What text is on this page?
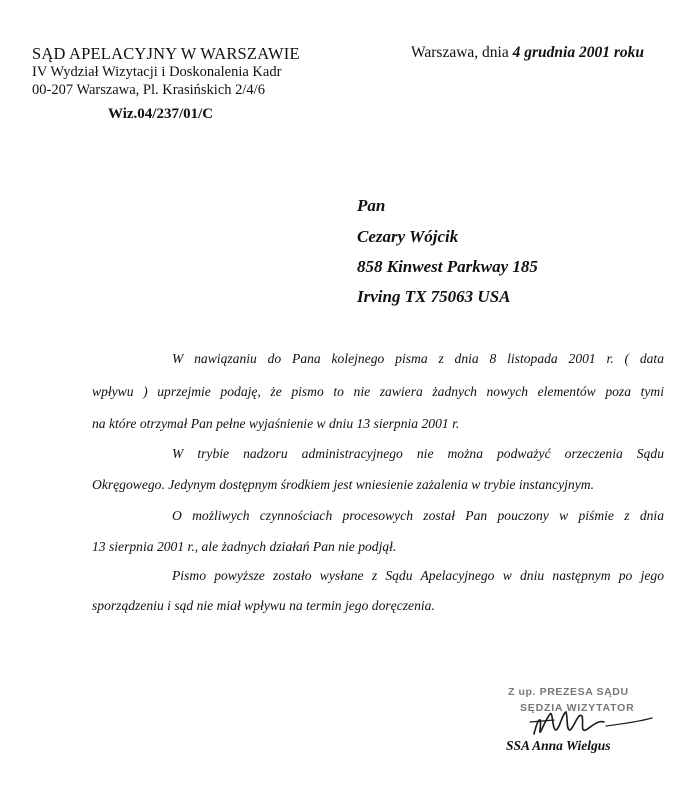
SĄD APELACYJNY W WARSZAWIE
IV Wydział Wizytacji i Doskonalenia Kadr
00-207 Warszawa, Pl. Krasińskich 2/4/6
Wiz.04/237/01/C
Warszawa, dnia 4 grudnia 2001 roku
Pan
Cezary Wójcik
858 Kinwest Parkway 185
Irving TX 75063 USA
W nawiązaniu do Pana kolejnego pisma z dnia 8 listopada 2001 r. ( data
wpływu ) uprzejmie podaję, że pismo to nie zawiera żadnych nowych elementów poza tymi
na które otrzymał Pan pełne wyjaśnienie w dniu 13 sierpnia 2001 r.
W trybie nadzoru administracyjnego nie można podważyć orzeczenia Sądu
Okręgowego. Jedynym dostępnym środkiem jest wniesienie zażalenia w trybie instancyjnym.
O możliwych czynnościach procesowych został Pan pouczony w piśmie z dnia
13 sierpnia 2001 r., ale żadnych działań Pan nie podjął.
Pismo powyższe zostało wysłane z Sądu Apelacyjnego w dniu następnym po jego
sporządzeniu i sąd nie miał wpływu na termin jego doręczenia.
Z up. PREZESA SĄDU
SĘDZIA WIZYTATOR
SSA Anna Wielgus
